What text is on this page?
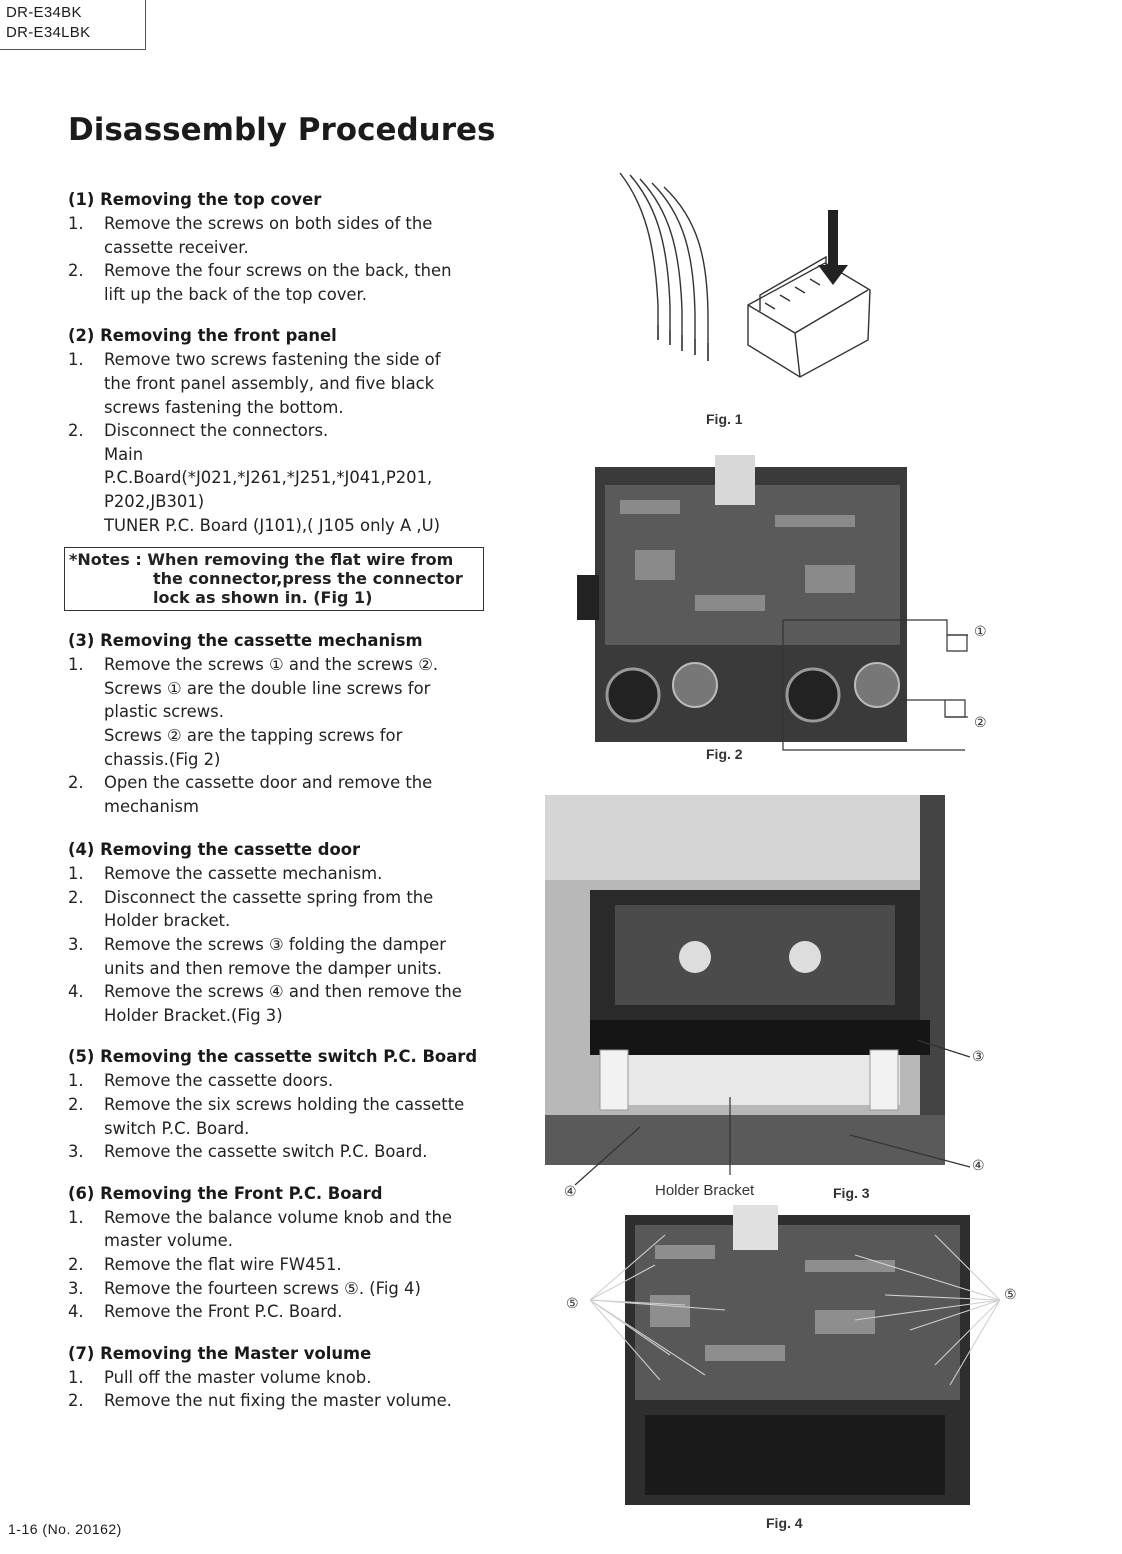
DR-E34BK
DR-E34LBK
Disassembly Procedures
(1) Removing the top cover
1.	Remove the screws on both sides of the
cassette receiver.
2.	Remove the four screws on the back, then
lift up the back of the top cover.
(2) Removing the front panel
1.	Remove two screws fastening the side of
the front panel assembly, and five black
screws fastening the bottom.
2.	Disconnect the connectors.
Main
P.C.Board(*J021,*J261,*J251,*J041,P201,
P202,JB301)
TUNER P.C. Board (J101),( J105 only A ,U)
*Notes : When removing the flat wire from
the connector,press the connector
lock as shown in. (Fig 1)
(3) Removing the cassette mechanism
1.	Remove the screws ① and the screws ②.
Screws ① are the double line screws for
plastic screws.
Screws ② are the tapping screws for
chassis.(Fig 2)
2.	Open the cassette door and remove the
mechanism
(4) Removing the cassette door
1.	Remove the cassette mechanism.
2.	Disconnect the cassette spring from the
Holder bracket.
3.	Remove the screws ③ folding the damper
units and then remove the damper units.
4.	Remove the screws ④ and then remove the
Holder Bracket.(Fig 3)
(5) Removing the cassette switch P.C. Board
1.	Remove the cassette doors.
2.	Remove the six screws holding the cassette
switch P.C. Board.
3.	Remove the cassette switch P.C. Board.
(6) Removing the Front P.C. Board
1.	Remove the balance volume knob and the
master volume.
2.	Remove the flat wire FW451.
3.	Remove the fourteen screws ⑤. (Fig 4)
4.	Remove the Front P.C. Board.
(7) Removing the Master volume
1.	Pull off the master volume knob.
2.	Remove the nut fixing the master volume.
Fig. 1
①
②
Fig. 2
Holder Bracket
③
④
④	Fig. 3
⑤
⑤
Fig. 4
1-16 (No. 20162)
